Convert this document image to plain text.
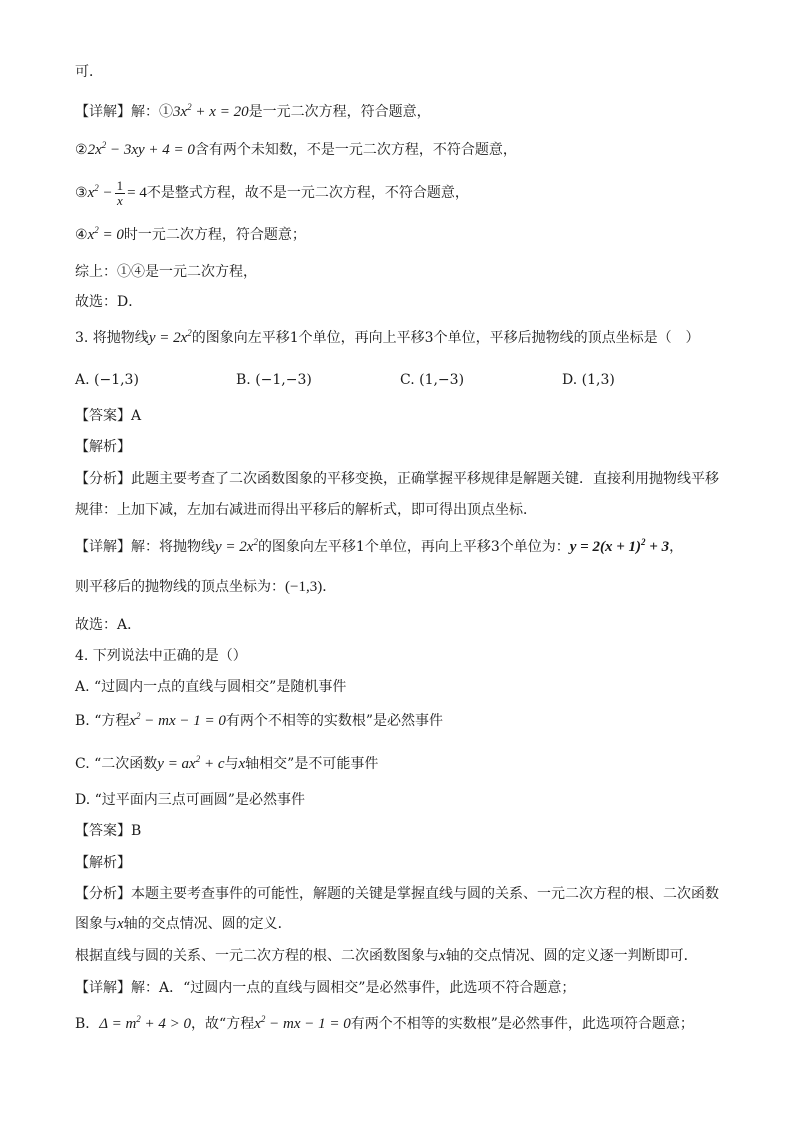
可．
【详解】解：$①3x^2 + x = 20$是一元二次方程，符合题意，
$②2x^2 - 3xy + 4 = 0$含有两个未知数，不是一元二次方程，不符合题意，
$③x^2 - \frac{1}{x} = 4$不是整式方程，故不是一元二次方程，不符合题意，
$④x^2 = 0$时一元二次方程，符合题意；
综上：①④是一元二次方程，
故选：D．
3. 将抛物线$y = 2x^2$的图象向左平移1个单位，再向上平移3个单位，平移后抛物线的顶点坐标是（　）
A. (−1,3)	B. (−1,−3)	C. (1,−3)	D. (1,3)
【答案】A
【解析】
【分析】此题主要考查了二次函数图象的平移变换，正确掌握平移规律是解题关键．直接利用抛物线平移
规律：上加下减，左加右减进而得出平移后的解析式，即可得出顶点坐标．
【详解】解：将抛物线$y = 2x^2$的图象向左平移1个单位，再向上平移3个单位为：$y = 2(x + 1)^2 + 3$，
则平移后的抛物线的顶点坐标为：(−1,3)．
故选：A．
4. 下列说法中正确的是（）
A. “过圆内一点的直线与圆相交”是随机事件
B. “方程$x^2$ − mx − 1 = 0有两个不相等的实数根”是必然事件
C. “二次函数$y = ax^2 + c$与x轴相交”是不可能事件
D. “过平面内三点可画圆”是必然事件
【答案】B
【解析】
【分析】本题主要考查事件的可能性，解题的关键是掌握直线与圆的关系、一元二次方程的根、二次函数
图象与x轴的交点情况、圆的定义．
根据直线与圆的关系、一元二次方程的根、二次函数图象与x轴的交点情况、圆的定义逐一判断即可．
【详解】解：A．“过圆内一点的直线与圆相交”是必然事件，此选项不符合题意；
B．$\Delta = m^2 + 4 > 0$，故“方程$x^2$ − mx − 1 = 0有两个不相等的实数根”是必然事件，此选项符合题意；
